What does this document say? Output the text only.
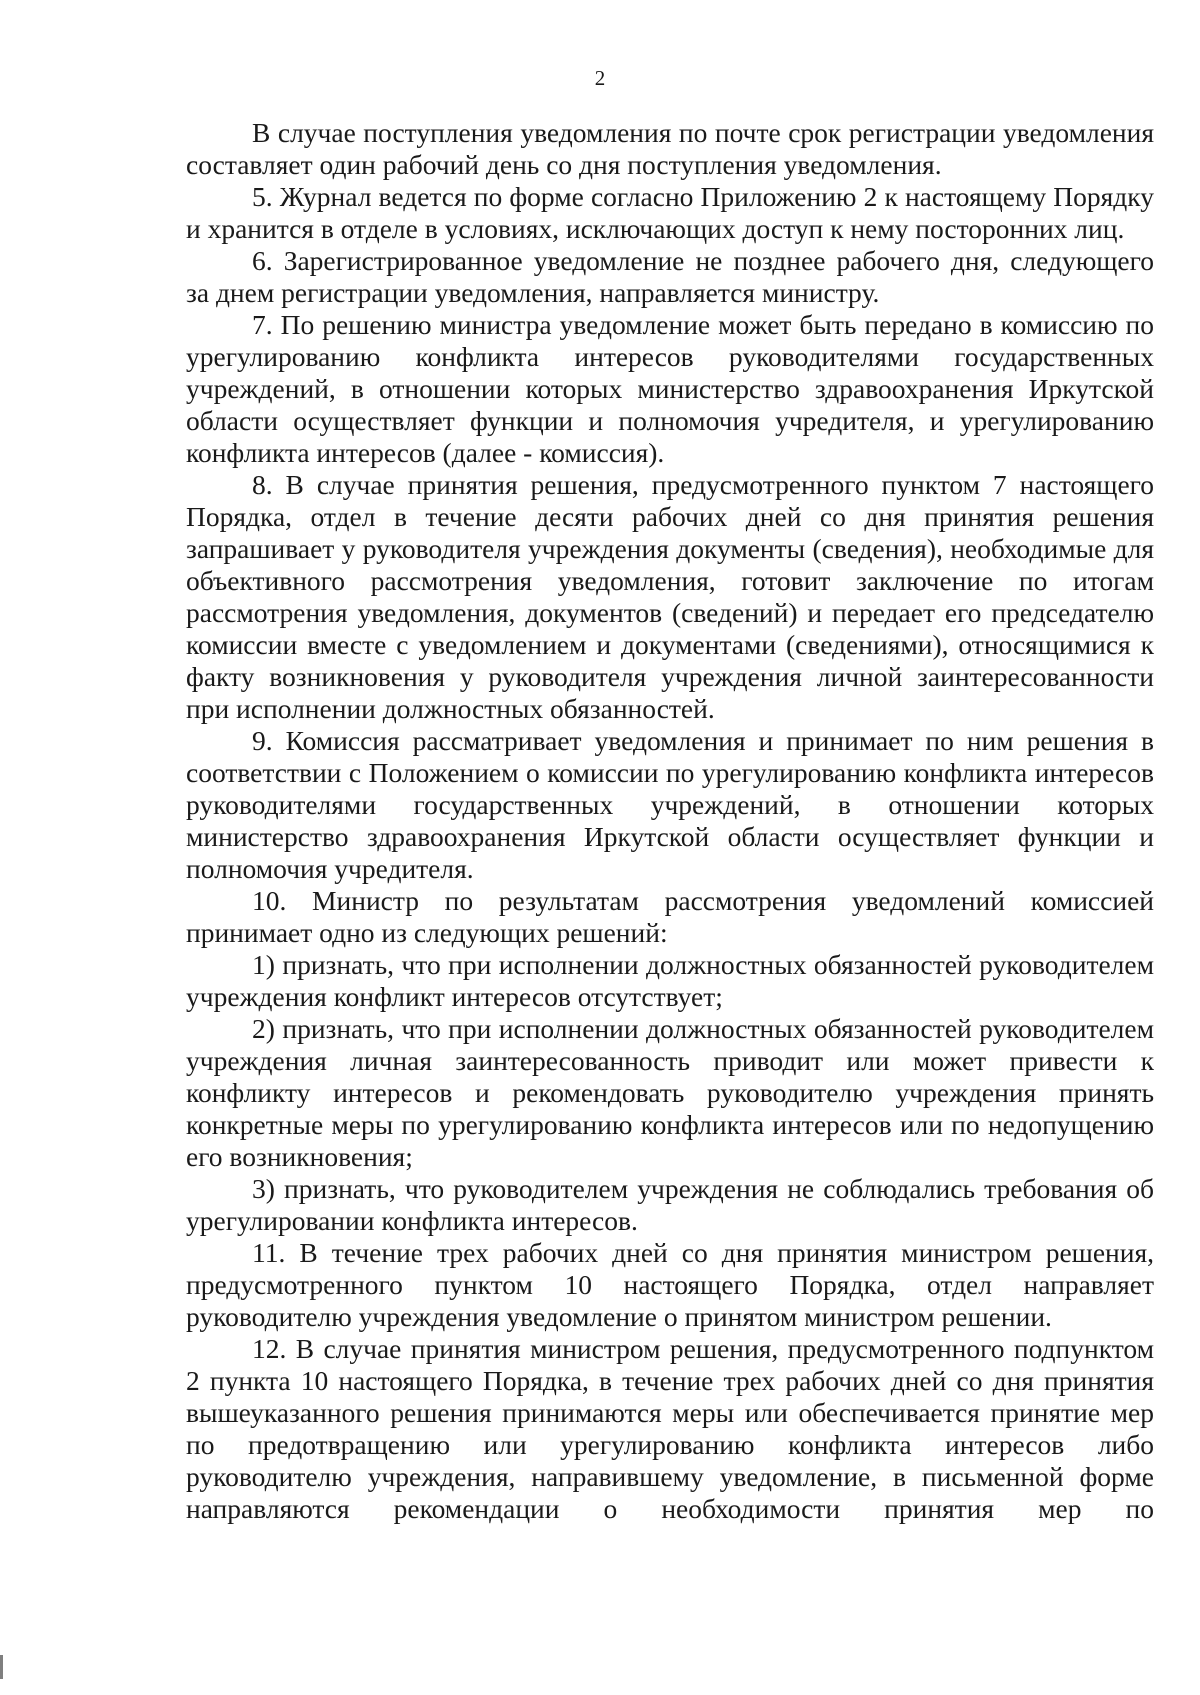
2

В случае поступления уведомления по почте срок регистрации уведомления составляет один рабочий день со дня поступления уведомления.

5. Журнал ведется по форме согласно Приложению 2 к настоящему Порядку и хранится в отделе в условиях, исключающих доступ к нему посторонних лиц.

6. Зарегистрированное уведомление не позднее рабочего дня, следующего за днем регистрации уведомления, направляется министру.

7. По решению министра уведомление может быть передано в комиссию по урегулированию конфликта интересов руководителями государственных учреждений, в отношении которых министерство здравоохранения Иркутской области осуществляет функции и полномочия учредителя, и урегулированию конфликта интересов (далее - комиссия).

8. В случае принятия решения, предусмотренного пунктом 7 настоящего Порядка, отдел в течение десяти рабочих дней со дня принятия решения запрашивает у руководителя учреждения документы (сведения), необходимые для объективного рассмотрения уведомления, готовит заключение по итогам рассмотрения уведомления, документов (сведений) и передает его председателю комиссии вместе с уведомлением и документами (сведениями), относящимися к факту возникновения у руководителя учреждения личной заинтересованности при исполнении должностных обязанностей.

9. Комиссия рассматривает уведомления и принимает по ним решения в соответствии с Положением о комиссии по урегулированию конфликта интересов руководителями государственных учреждений, в отношении которых министерство здравоохранения Иркутской области осуществляет функции и полномочия учредителя.

10. Министр по результатам рассмотрения уведомлений комиссией принимает одно из следующих решений:

1) признать, что при исполнении должностных обязанностей руководителем учреждения конфликт интересов отсутствует;

2) признать, что при исполнении должностных обязанностей руководителем учреждения личная заинтересованность приводит или может привести к конфликту интересов и рекомендовать руководителю учреждения принять конкретные меры по урегулированию конфликта интересов или по недопущению его возникновения;

3) признать, что руководителем учреждения не соблюдались требования об урегулировании конфликта интересов.

11. В течение трех рабочих дней со дня принятия министром решения, предусмотренного пунктом 10 настоящего Порядка, отдел направляет руководителю учреждения уведомление о принятом министром решении.

12. В случае принятия министром решения, предусмотренного подпунктом 2 пункта 10 настоящего Порядка, в течение трех рабочих дней со дня принятия вышеуказанного решения принимаются меры или обеспечивается принятие мер по предотвращению или урегулированию конфликта интересов либо руководителю учреждения, направившему уведомление, в письменной форме направляются рекомендации о необходимости принятия мер по
